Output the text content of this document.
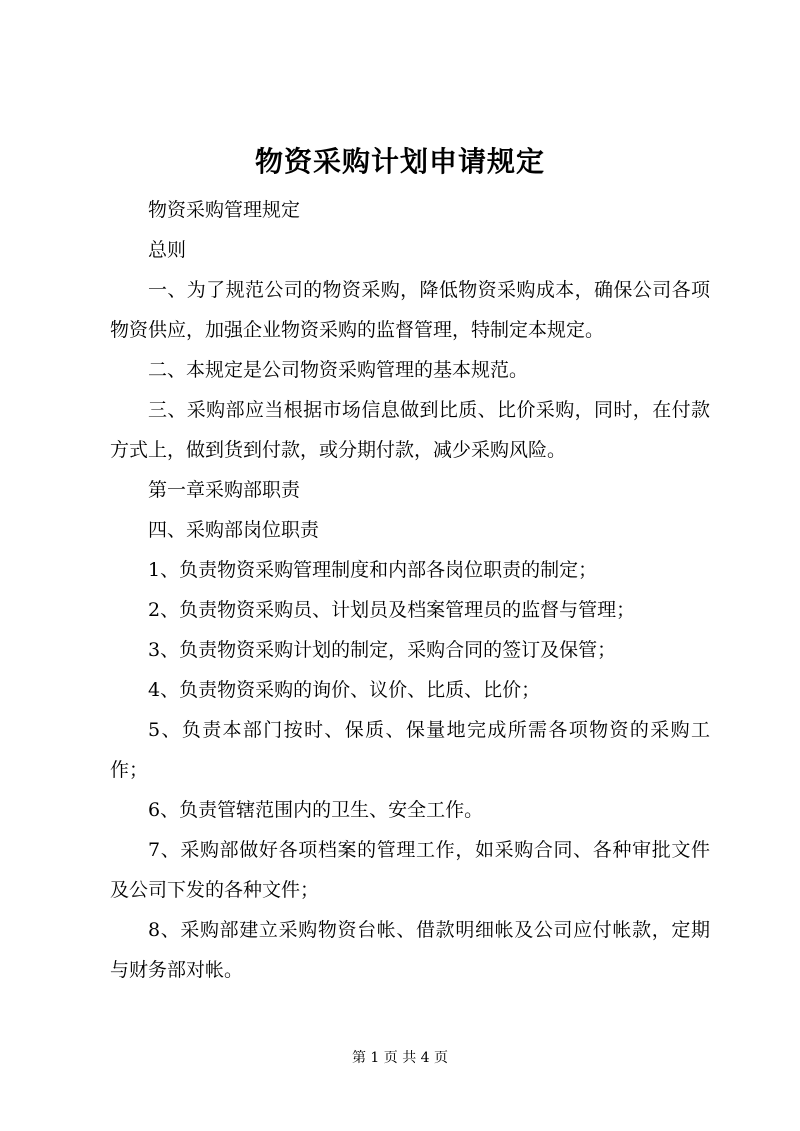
物资采购计划申请规定

物资采购管理规定

总则

一、为了规范公司的物资采购，降低物资采购成本，确保公司各项物资供应，加强企业物资采购的监督管理，特制定本规定。

二、本规定是公司物资采购管理的基本规范。

三、采购部应当根据市场信息做到比质、比价采购，同时，在付款方式上，做到货到付款，或分期付款，减少采购风险。

第一章采购部职责

四、采购部岗位职责

1、负责物资采购管理制度和内部各岗位职责的制定；

2、负责物资采购员、计划员及档案管理员的监督与管理；

3、负责物资采购计划的制定，采购合同的签订及保管；

4、负责物资采购的询价、议价、比质、比价；

5、负责本部门按时、保质、保量地完成所需各项物资的采购工作；

6、负责管辖范围内的卫生、安全工作。

7、采购部做好各项档案的管理工作，如采购合同、各种审批文件及公司下发的各种文件；

8、采购部建立采购物资台帐、借款明细帐及公司应付帐款，定期与财务部对帐。

第 1 页 共 4 页
